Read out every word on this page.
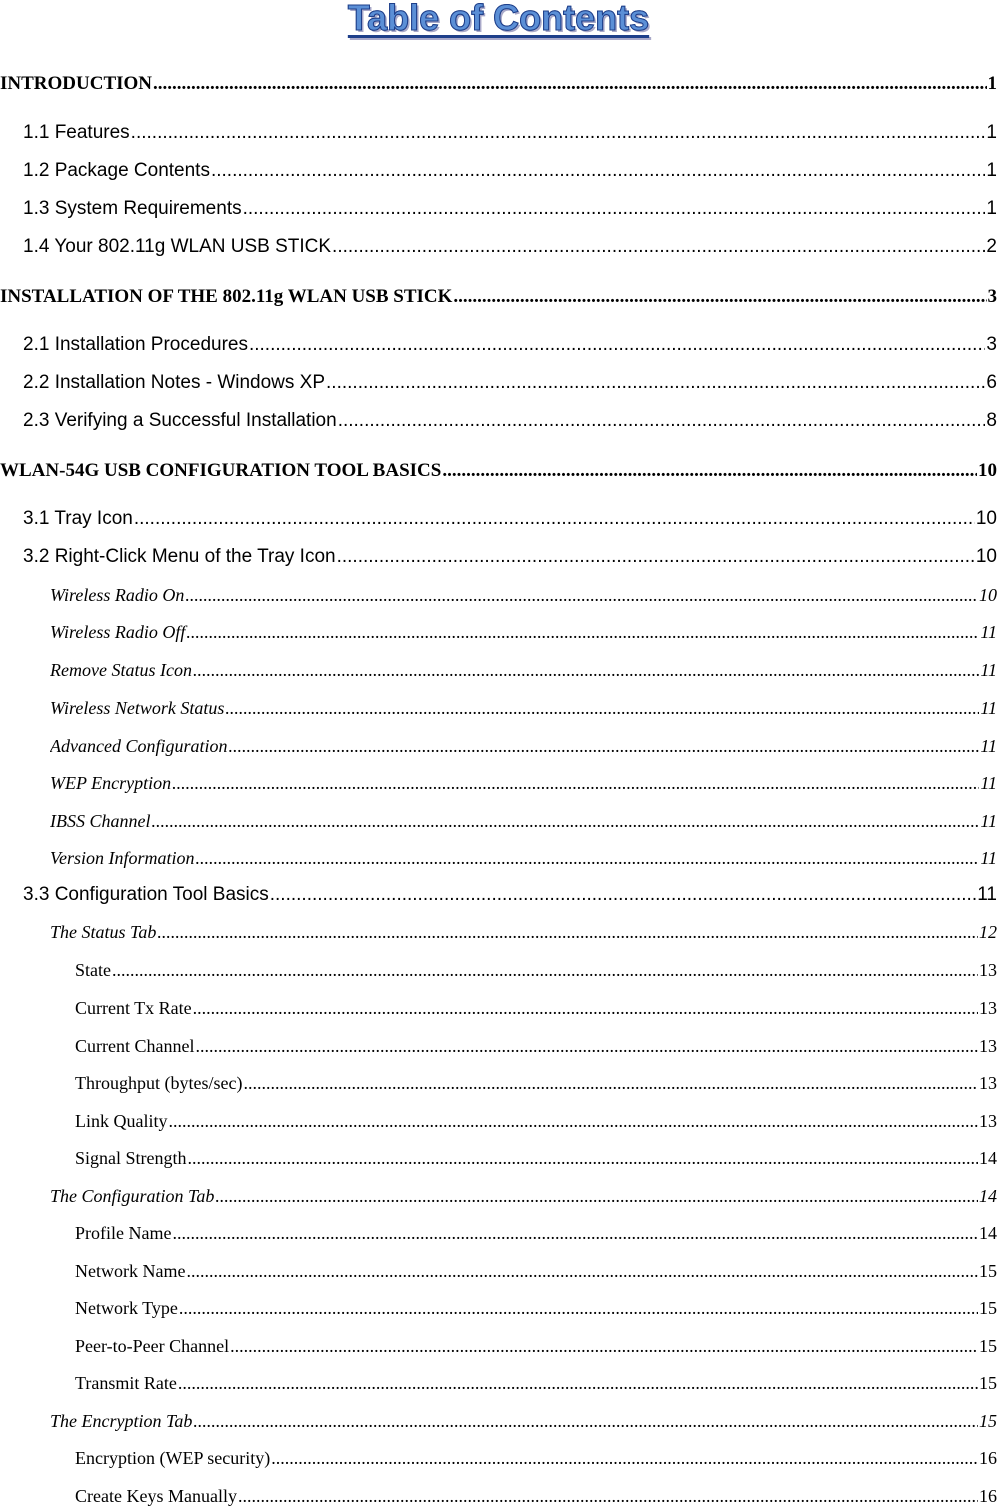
Table of Contents
INTRODUCTION .....	1
1.1 Features .....	1
1.2 Package Contents .....	1
1.3 System Requirements .....	1
1.4 Your 802.11g WLAN USB STICK .....	2
INSTALLATION OF THE 802.11g WLAN USB STICK .....	3
2.1 Installation Procedures .....	3
2.2 Installation Notes - Windows XP .....	6
2.3 Verifying a Successful Installation .....	8
WLAN-54G USB CONFIGURATION TOOL BASICS .....	10
3.1 Tray Icon .....	10
3.2 Right-Click Menu of the Tray Icon .....	10
Wireless Radio On .....	10
Wireless Radio Off .....	11
Remove Status Icon .....	11
Wireless Network Status .....	11
Advanced Configuration .....	11
WEP Encryption .....	11
IBSS Channel .....	11
Version Information .....	11
3.3 Configuration Tool Basics .....	11
The Status Tab .....	12
State .....	13
Current Tx Rate .....	13
Current Channel .....	13
Throughput (bytes/sec) .....	13
Link Quality .....	13
Signal Strength .....	14
The Configuration Tab .....	14
Profile Name .....	14
Network Name .....	15
Network Type .....	15
Peer-to-Peer Channel .....	15
Transmit Rate .....	15
The Encryption Tab .....	15
Encryption (WEP security) .....	16
Create Keys Manually .....	16
